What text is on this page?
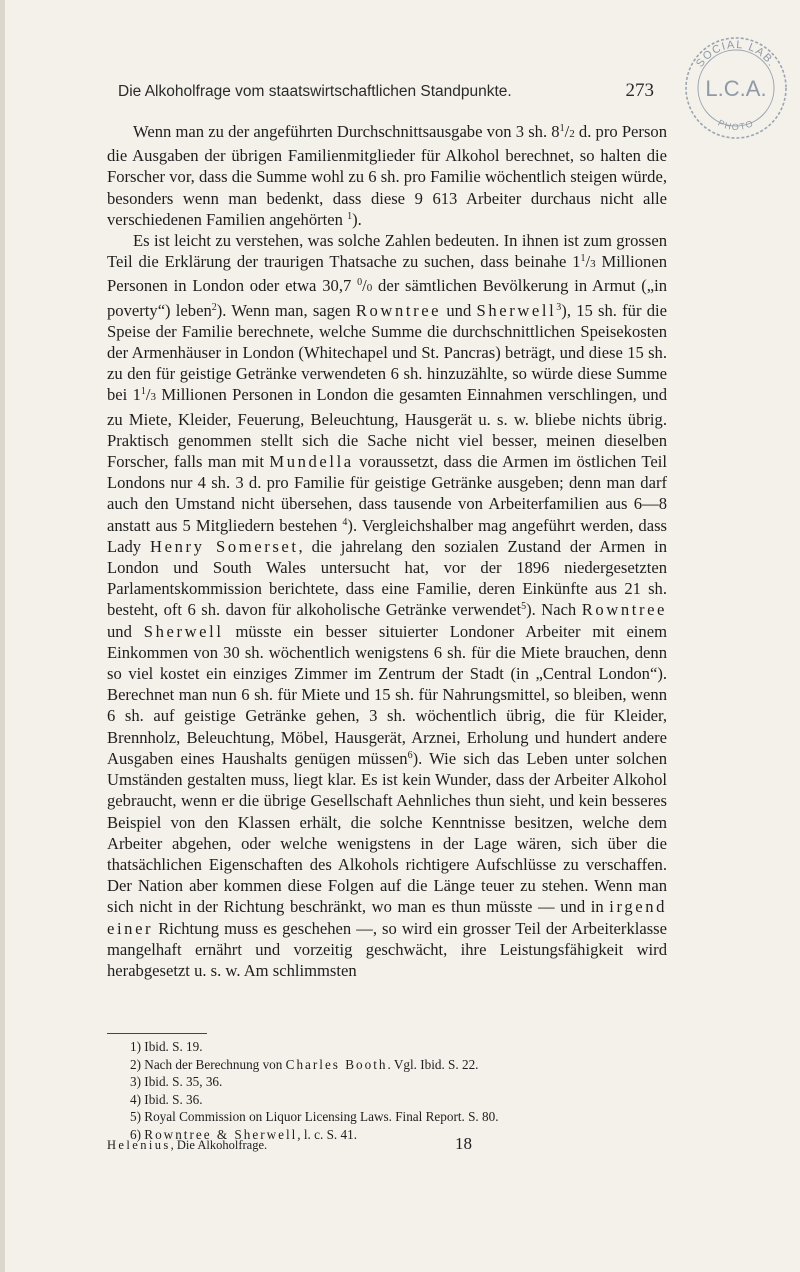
Die Alkoholfrage vom staatswirtschaftlichen Standpunkte.	273
SOCIAL LAB.
L.C.A.
PHOTO

Wenn man zu der angeführten Durchschnittsausgabe von 3 sh. $8^1/2$ d. pro Person die Ausgaben der übrigen Familienmitglieder für Alkohol berechnet, so halten die Forscher vor, dass die Summe wohl zu 6 sh. pro Familie wöchentlich steigen würde, besonders wenn man bedenkt, dass diese 9 613 Arbeiter durchaus nicht alle verschiedenen Familien angehörten $^1$).

Es ist leicht zu verstehen, was solche Zahlen bedeuten. In ihnen ist zum grossen Teil die Erklärung der traurigen Thatsache zu suchen, dass beinahe $1^1/3$ Millionen Personen in London oder etwa 30,7 $^0$/0 der sämtlichen Bevölkerung in Armut („in poverty“) leben$^2$). Wenn man, sagen Rowntree und Sherwell$^3$), 15 sh. für die Speise der Familie berechnete, welche Summe die durchschnittlichen Speisekosten der Armenhäuser in London (Whitechapel und St. Pancras) beträgt, und diese 15 sh. zu den für geistige Getränke verwendeten 6 sh. hinzuzählte, so würde diese Summe bei $1^1/3$ Millionen Personen in London die gesamten Einnahmen verschlingen, und zu Miete, Kleider, Feuerung, Beleuchtung, Hausgerät u. s. w. bliebe nichts übrig. Praktisch genommen stellt sich die Sache nicht viel besser, meinen dieselben Forscher, falls man mit Mundella voraussetzt, dass die Armen im östlichen Teil Londons nur 4 sh. 3 d. pro Familie für geistige Getränke ausgeben; denn man darf auch den Umstand nicht übersehen, dass tausende von Arbeiterfamilien aus 6—8 anstatt aus 5 Mitgliedern bestehen $^4$). Vergleichshalber mag angeführt werden, dass Lady Henry Somerset, die jahrelang den sozialen Zustand der Armen in London und South Wales untersucht hat, vor der 1896 niedergesetzten Parlamentskommission berichtete, dass eine Familie, deren Einkünfte aus 21 sh. besteht, oft 6 sh. davon für alkoholische Getränke verwendet$^5$). Nach Rowntree und Sherwell müsste ein besser situierter Londoner Arbeiter mit einem Einkommen von 30 sh. wöchentlich wenigstens 6 sh. für die Miete brauchen, denn so viel kostet ein einziges Zimmer im Zentrum der Stadt (in „Central London“). Berechnet man nun 6 sh. für Miete und 15 sh. für Nahrungsmittel, so bleiben, wenn 6 sh. auf geistige Getränke gehen, 3 sh. wöchentlich übrig, die für Kleider, Brennholz, Beleuchtung, Möbel, Hausgerät, Arznei, Erholung und hundert andere Ausgaben eines Haushalts genügen müssen$^6$). Wie sich das Leben unter solchen Umständen gestalten muss, liegt klar. Es ist kein Wunder, dass der Arbeiter Alkohol gebraucht, wenn er die übrige Gesellschaft Aehnliches thun sieht, und kein besseres Beispiel von den Klassen erhält, die solche Kenntnisse besitzen, welche dem Arbeiter abgehen, oder welche wenigstens in der Lage wären, sich über die thatsächlichen Eigenschaften des Alkohols richtigere Aufschlüsse zu verschaffen. Der Nation aber kommen diese Folgen auf die Länge teuer zu stehen. Wenn man sich nicht in der Richtung beschränkt, wo man es thun müsste — und in irgend einer Richtung muss es geschehen —, so wird ein grosser Teil der Arbeiterklasse mangelhaft ernährt und vorzeitig geschwächt, ihre Leistungsfähigkeit wird herabgesetzt u. s. w. Am schlimmsten

1) Ibid. S. 19.
2) Nach der Berechnung von Charles Booth. Vgl. Ibid. S. 22.
3) Ibid. S. 35, 36.
4) Ibid. S. 36.
5) Royal Commission on Liquor Licensing Laws. Final Report. S. 80.
6) Rowntree & Sherwell, l. c. S. 41.
Helenius, Die Alkoholfrage.	18
